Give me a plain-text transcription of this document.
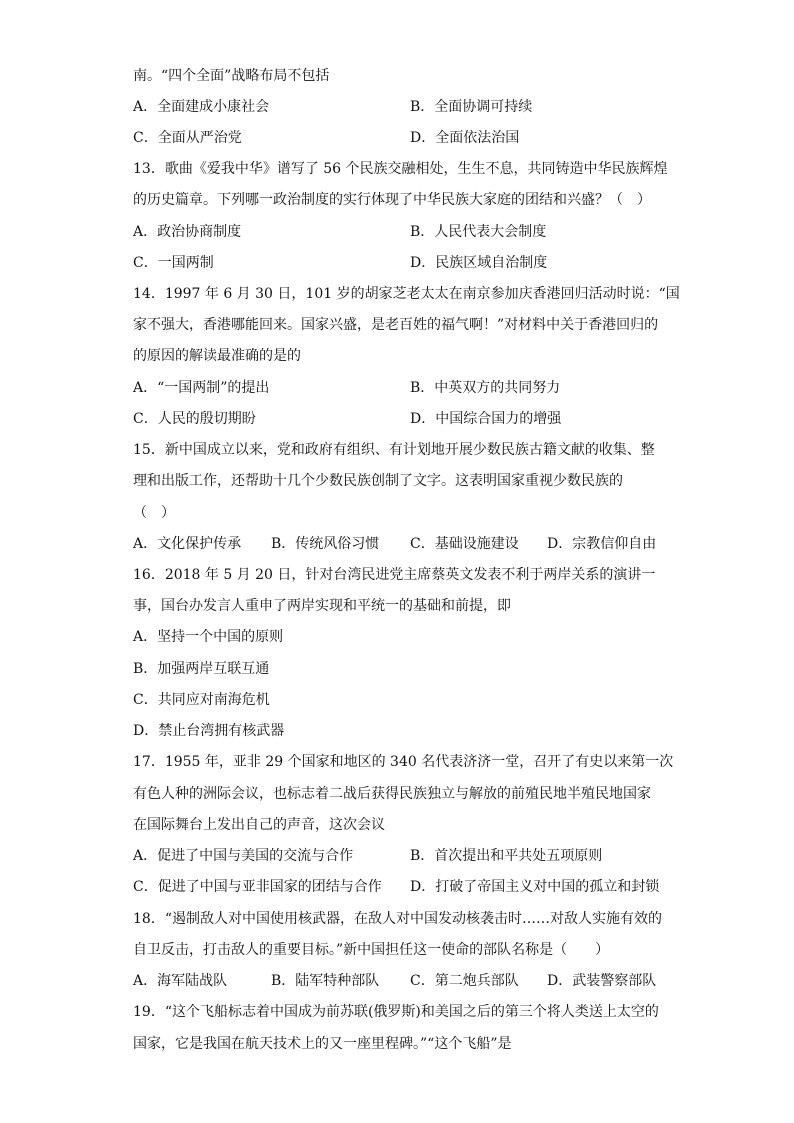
南。“四个全面”战略布局不包括
A．全面建成小康社会	B．全面协调可持续
C．全面从严治党	D．全面依法治国
13．歌曲《爱我中华》谱写了 56 个民族交融相处，生生不息，共同铸造中华民族辉煌
的历史篇章。下列哪一政治制度的实行体现了中华民族大家庭的团结和兴盛？（　）
A．政治协商制度	B．人民代表大会制度
C．一国两制	D．民族区域自治制度
14．1997 年 6 月 30 日，101 岁的胡家芝老太太在南京参加庆香港回归活动时说：“国
家不强大，香港哪能回来。国家兴盛，是老百姓的福气啊！”对材料中关于香港回归的
的原因的解读最准确的是的
A．“一国两制”的提出	B．中英双方的共同努力
C．人民的殷切期盼	D．中国综合国力的增强
15．新中国成立以来，党和政府有组织、有计划地开展少数民族古籍文献的收集、整
理和出版工作，还帮助十几个少数民族创制了文字。这表明国家重视少数民族的
（　）
A．文化保护传承 B．传统风俗习惯 C．基础设施建设 D．宗教信仰自由
16．2018 年 5 月 20 日，针对台湾民进党主席蔡英文发表不利于两岸关系的演讲一
事，国台办发言人重申了两岸实现和平统一的基础和前提，即
A．坚持一个中国的原则
B．加强两岸互联互通
C．共同应对南海危机
D．禁止台湾拥有核武器
17．1955 年，亚非 29 个国家和地区的 340 名代表济济一堂，召开了有史以来第一次
有色人种的洲际会议，也标志着二战后获得民族独立与解放的前殖民地半殖民地国家
在国际舞台上发出自己的声音，这次会议
A．促进了中国与美国的交流与合作	B．首次提出和平共处五项原则
C．促进了中国与亚非国家的团结与合作 D．打破了帝国主义对中国的孤立和封锁
18．“遏制敌人对中国使用核武器，在敌人对中国发动核袭击时……对敌人实施有效的
自卫反击，打击敌人的重要目标。”新中国担任这一使命的部队名称是（　　）
A．海军陆战队	B．陆军特种部队 C．第二炮兵部队 D．武装警察部队
19．“这个飞船标志着中国成为前苏联(俄罗斯)和美国之后的第三个将人类送上太空的
国家，它是我国在航天技术上的又一座里程碑。”“这个飞船”是
